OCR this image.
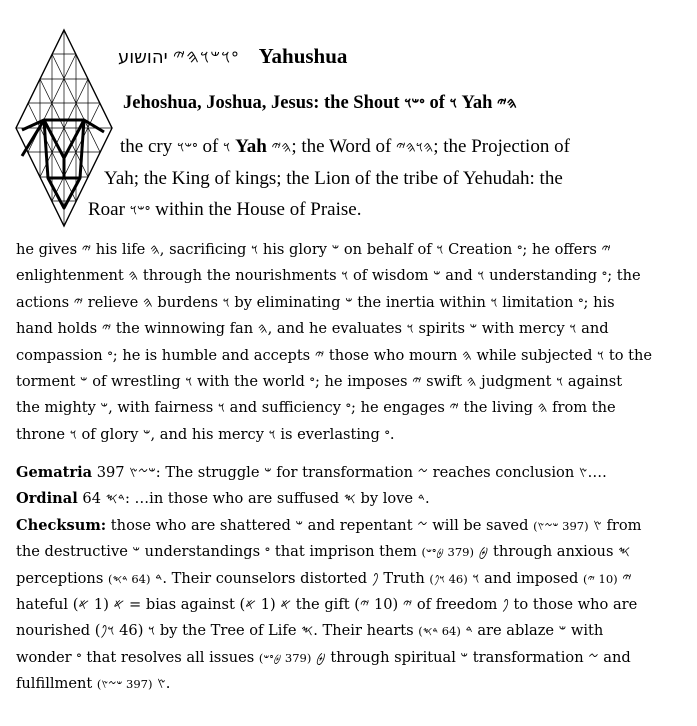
𐤏𐤅𐤔𐤅𐤄𐤉 יהושוע	Yahushua
Jehoshua, Joshua, Jesus: the Shout 𐤏𐤔𐤅 of 𐤅 Yah 𐤄𐤉
the cry 𐤏𐤔𐤅 of 𐤅 Yah 𐤄𐤉; the Word of 𐤄𐤅𐤄𐤉; the Projection of
Yah; the King of kings; the Lion of the tribe of Yehudah: the
Roar 𐤏𐤔𐤅 within the House of Praise.
he gives 𐤉 his life 𐤄, sacrificing 𐤅 his glory 𐤔 on behalf of 𐤅 Creation 𐤏; he offers 𐤉
enlightenment 𐤄 through the nourishments 𐤅 of wisdom 𐤔 and 𐤅 understanding 𐤏; the
actions 𐤉 relieve 𐤄 burdens 𐤅 by eliminating 𐤔 the inertia within 𐤅 limitation 𐤏; his
hand holds 𐤉 the winnowing fan 𐤄, and he evaluates 𐤅 spirits 𐤔 with mercy 𐤅 and
compassion 𐤏; he is humble and accepts 𐤉 those who mourn 𐤄 while subjected 𐤅 to the
torment 𐤔 of wrestling 𐤅 with the world 𐤏; he imposes 𐤉 swift 𐤄 judgment 𐤅 against
the mighty 𐤔, with fairness 𐤅 and sufficiency 𐤏; he engages 𐤉 the living 𐤄 from the
throne 𐤅 of glory 𐤔, and his mercy 𐤅 is everlasting 𐤏.
Gematria 397 𐤔𐤆𐤑: The struggle 𐤔 for transformation 𐤆 reaches conclusion 𐤑….
Ordinal 64 𐤃𐤎: …in those who are suffused 𐤎 by love 𐤃.
Checksum: those who are shattered 𐤔 and repentant 𐤆 will be saved 𐤑 (397 𐤔𐤆𐤑) from
the destructive 𐤔 understandings 𐤏 that imprison them 𐤈 (379 𐤈𐤏𐤔) through anxious 𐤎
perceptions 𐤃 (64 𐤃𐤎) . Their counselors distorted 𐤐 Truth 𐤅 (46 𐤅𐤐) and imposed 𐤉 (10 𐤉)
hateful 𐤀 (1 𐤀) = bias against 𐤀 (1 𐤀) the gift 𐤉 (10 𐤉) of freedom 𐤐 to those who are
nourished 𐤅 (46 𐤅𐤐) by the Tree of Life 𐤎. Their hearts 𐤃 (64 𐤃𐤎) are ablaze 𐤔 with
wonder 𐤏 that resolves all issues 𐤈 (379 𐤈𐤏𐤔) through spiritual 𐤔 transformation 𐤆 and
fulfillment 𐤑 (397 𐤔𐤆𐤑) .
